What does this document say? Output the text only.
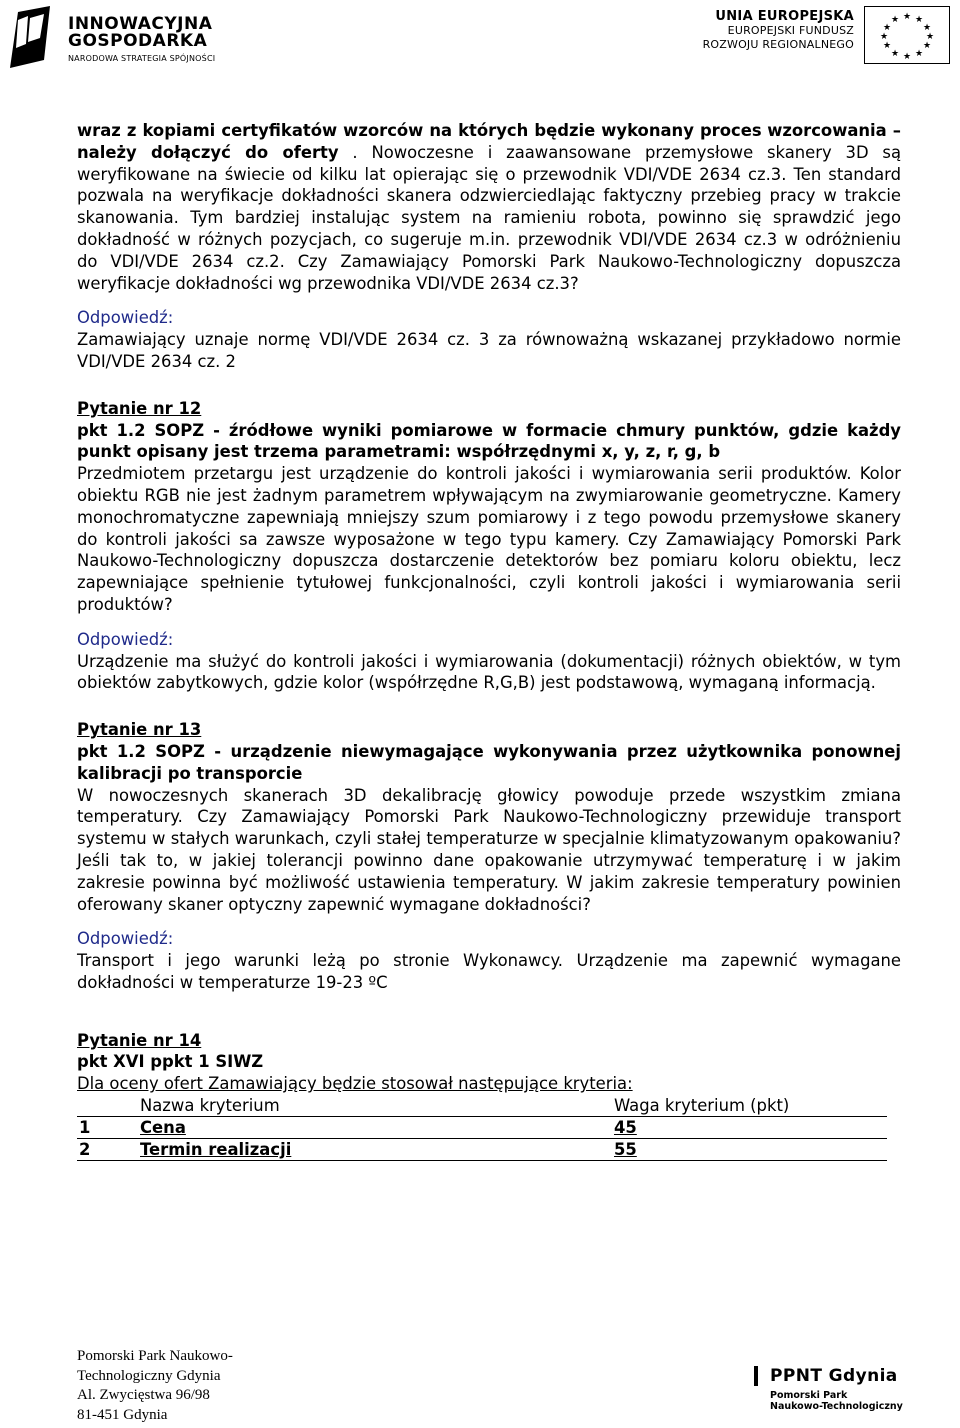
INNOWACYJNA
GOSPODARKA
NARODOWA STRATEGIA SPÓJNOŚCI
UNIA EUROPEJSKA
EUROPEJSKI FUNDUSZ
ROZWOJU REGIONALNEGO
★ ★
★
★
★
★
★
★
★
★
★
★

wraz z kopiami certyfikatów wzorców na których będzie wykonany proces wzorcowania – należy dołączyć do oferty . Nowoczesne i zaawansowane przemysłowe skanery 3D są weryfikowane na świecie od kilku lat opierając się o przewodnik VDI/VDE 2634 cz.3. Ten standard pozwala na weryfikacje dokładności skanera odzwierciedlając faktyczny przebieg pracy w trakcie skanowania. Tym bardziej instalując system na ramieniu robota, powinno się sprawdzić jego dokładność w różnych pozycjach, co sugeruje m.in. przewodnik VDI/VDE 2634 cz.3 w odróżnieniu do VDI/VDE 2634 cz.2. Czy Zamawiający Pomorski Park Naukowo-Technologiczny dopuszcza weryfikacje dokładności wg przewodnika VDI/VDE 2634 cz.3?

Odpowiedź:

Zamawiający uznaje normę VDI/VDE 2634 cz. 3 za równoważną wskazanej przykładowo normie VDI/VDE 2634 cz. 2

Pytanie nr 12

pkt 1.2 SOPZ - źródłowe wyniki pomiarowe w formacie chmury punktów, gdzie każdy punkt opisany jest trzema parametrami: współrzędnymi x, y, z, r, g, b

Przedmiotem przetargu jest urządzenie do kontroli jakości i wymiarowania serii produktów. Kolor obiektu RGB nie jest żadnym parametrem wpływającym na zwymiarowanie geometryczne. Kamery monochromatyczne zapewniają mniejszy szum pomiarowy i z tego powodu przemysłowe skanery do kontroli jakości sa zawsze wyposażone w tego typu kamery. Czy Zamawiający Pomorski Park Naukowo-Technologiczny dopuszcza dostarczenie detektorów bez pomiaru koloru obiektu, lecz zapewniające spełnienie tytułowej funkcjonalności, czyli kontroli jakości i wymiarowania serii produktów?

Odpowiedź:

Urządzenie ma służyć do kontroli jakości i wymiarowania (dokumentacji) różnych obiektów, w tym obiektów zabytkowych, gdzie kolor (współrzędne R,G,B) jest podstawową, wymaganą informacją.

Pytanie nr 13

pkt 1.2 SOPZ - urządzenie niewymagające wykonywania przez użytkownika ponownej kalibracji po transporcie

W nowoczesnych skanerach 3D dekalibrację głowicy powoduje przede wszystkim zmiana temperatury. Czy Zamawiający Pomorski Park Naukowo-Technologiczny przewiduje transport systemu w stałych warunkach, czyli stałej temperaturze w specjalnie klimatyzowanym opakowaniu? Jeśli tak to, w jakiej tolerancji powinno dane opakowanie utrzymywać temperaturę i w jakim zakresie powinna być możliwość ustawienia temperatury. W jakim zakresie temperatury powinien oferowany skaner optyczny zapewnić wymagane dokładności?

Odpowiedź:

Transport i jego warunki leżą po stronie Wykonawcy. Urządzenie ma zapewnić wymagane dokładności w temperaturze 19-23 ºC

Pytanie nr 14

pkt XVI ppkt 1 SIWZ

Dla oceny ofert Zamawiający będzie stosował następujące kryteria:

	Nazwa kryterium	Waga kryterium (pkt)
1	Cena	45
2	Termin realizacji	55
Pomorski Park Naukowo-
Technologiczny Gdynia
Al. Zwycięstwa 96/98
81-451 Gdynia
PPNT Gdynia
Pomorski Park
Naukowo-Technologiczny
